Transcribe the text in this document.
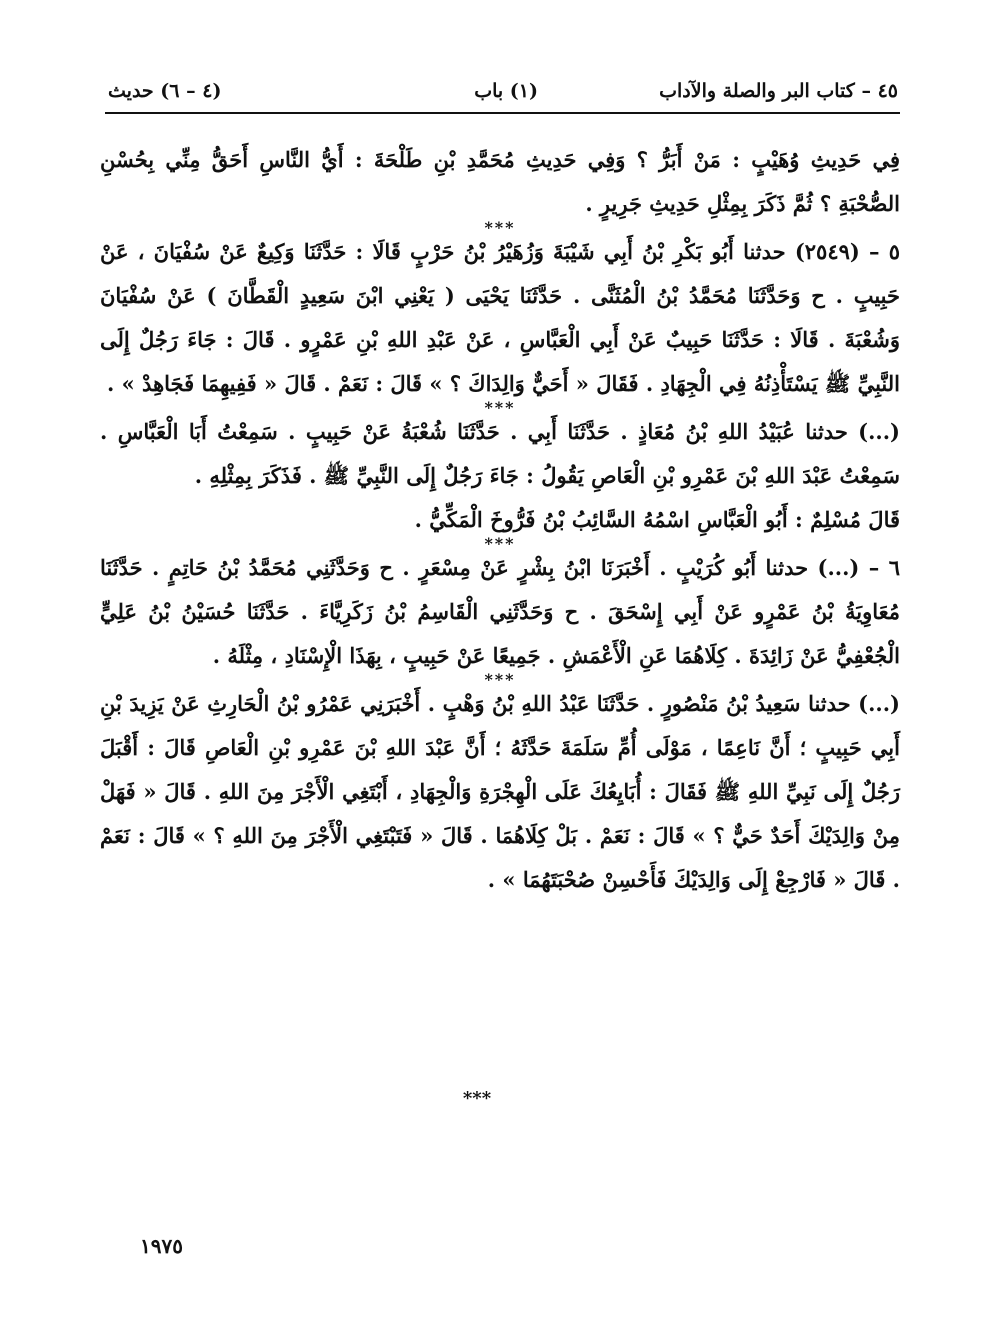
٤٥ – كتاب البر والصلة والآداب
(١) باب
(٤ – ٦) حديث

فِي حَدِيثِ وُهَيْبٍ : مَنْ أَبَرُّ ؟ وَفِي حَدِيثِ مُحَمَّدِ بْنِ طَلْحَةَ : أَيُّ النَّاسِ أَحَقُّ مِنِّي بِحُسْنِ الصُّحْبَةِ ؟ ثُمَّ ذَكَرَ بِمِثْلِ حَدِيثِ جَرِيرٍ .

***

٥ – (٢٥٤٩) حدثنا أَبُو بَكْرِ بْنُ أَبِي شَيْبَةَ وَزُهَيْرُ بْنُ حَرْبٍ قَالَا : حَدَّثَنَا وَكِيعٌ عَنْ سُفْيَانَ ، عَنْ حَبِيبٍ . ح وَحَدَّثَنَا مُحَمَّدُ بْنُ الْمُثَنَّى . حَدَّثَنَا يَحْيَى ( يَعْنِي ابْنَ سَعِيدٍ الْقَطَّانَ ) عَنْ سُفْيَانَ وَشُعْبَةَ . قَالَا : حَدَّثَنَا حَبِيبٌ عَنْ أَبِي الْعَبَّاسِ ، عَنْ عَبْدِ اللهِ بْنِ عَمْرٍو . قَالَ : جَاءَ رَجُلٌ إِلَى النَّبِيِّ ﷺ يَسْتَأْذِنُهُ فِي الْجِهَادِ . فَقَالَ « أَحَيٌّ وَالِدَاكَ ؟ » قَالَ : نَعَمْ . قَالَ « فَفِيهِمَا فَجَاهِدْ » .

***

(...) حدثنا عُبَيْدُ اللهِ بْنُ مُعَاذٍ . حَدَّثَنَا أَبِي . حَدَّثَنَا شُعْبَةُ عَنْ حَبِيبٍ . سَمِعْتُ أَبَا الْعَبَّاسِ . سَمِعْتُ عَبْدَ اللهِ بْنَ عَمْرِو بْنِ الْعَاصِ يَقُولُ : جَاءَ رَجُلٌ إِلَى النَّبِيِّ ﷺ . فَذَكَرَ بِمِثْلِهِ .

قَالَ مُسْلِمٌ : أَبُو الْعَبَّاسِ اسْمُهُ السَّائِبُ بْنُ فَرُّوخَ الْمَكِّيُّ .

***

٦ – (...) حدثنا أَبُو كُرَيْبٍ . أَخْبَرَنَا ابْنُ بِشْرٍ عَنْ مِسْعَرٍ . ح وَحَدَّثَنِي مُحَمَّدُ بْنُ حَاتِمٍ . حَدَّثَنَا مُعَاوِيَةُ بْنُ عَمْرٍو عَنْ أَبِي إِسْحَقَ . ح وَحَدَّثَنِي الْقَاسِمُ بْنُ زَكَرِيَّاءَ . حَدَّثَنَا حُسَيْنُ بْنُ عَلِيٍّ الْجُعْفِيُّ عَنْ زَائِدَةَ . كِلَاهُمَا عَنِ الْأَعْمَشِ . جَمِيعًا عَنْ حَبِيبٍ ، بِهَذَا الْإِسْنَادِ ، مِثْلَهُ .

***

(...) حدثنا سَعِيدُ بْنُ مَنْصُورٍ . حَدَّثَنَا عَبْدُ اللهِ بْنُ وَهْبٍ . أَخْبَرَنِي عَمْرُو بْنُ الْحَارِثِ عَنْ يَزِيدَ بْنِ أَبِي حَبِيبٍ ؛ أَنَّ نَاعِمًا ، مَوْلَى أُمِّ سَلَمَةَ حَدَّثَهُ ؛ أَنَّ عَبْدَ اللهِ بْنَ عَمْرِو بْنِ الْعَاصِ قَالَ : أَقْبَلَ رَجُلٌ إِلَى نَبِيِّ اللهِ ﷺ فَقَالَ : أُبَايِعُكَ عَلَى الْهِجْرَةِ وَالْجِهَادِ ، أَبْتَغِي الْأَجْرَ مِنَ اللهِ . قَالَ « فَهَلْ مِنْ وَالِدَيْكَ أَحَدٌ حَيٌّ ؟ » قَالَ : نَعَمْ . بَلْ كِلَاهُمَا . قَالَ « فَتَبْتَغِي الْأَجْرَ مِنَ اللهِ ؟ » قَالَ : نَعَمْ . قَالَ « فَارْجِعْ إِلَى وَالِدَيْكَ فَأَحْسِنْ صُحْبَتَهُمَا » .

***
١٩٧٥
